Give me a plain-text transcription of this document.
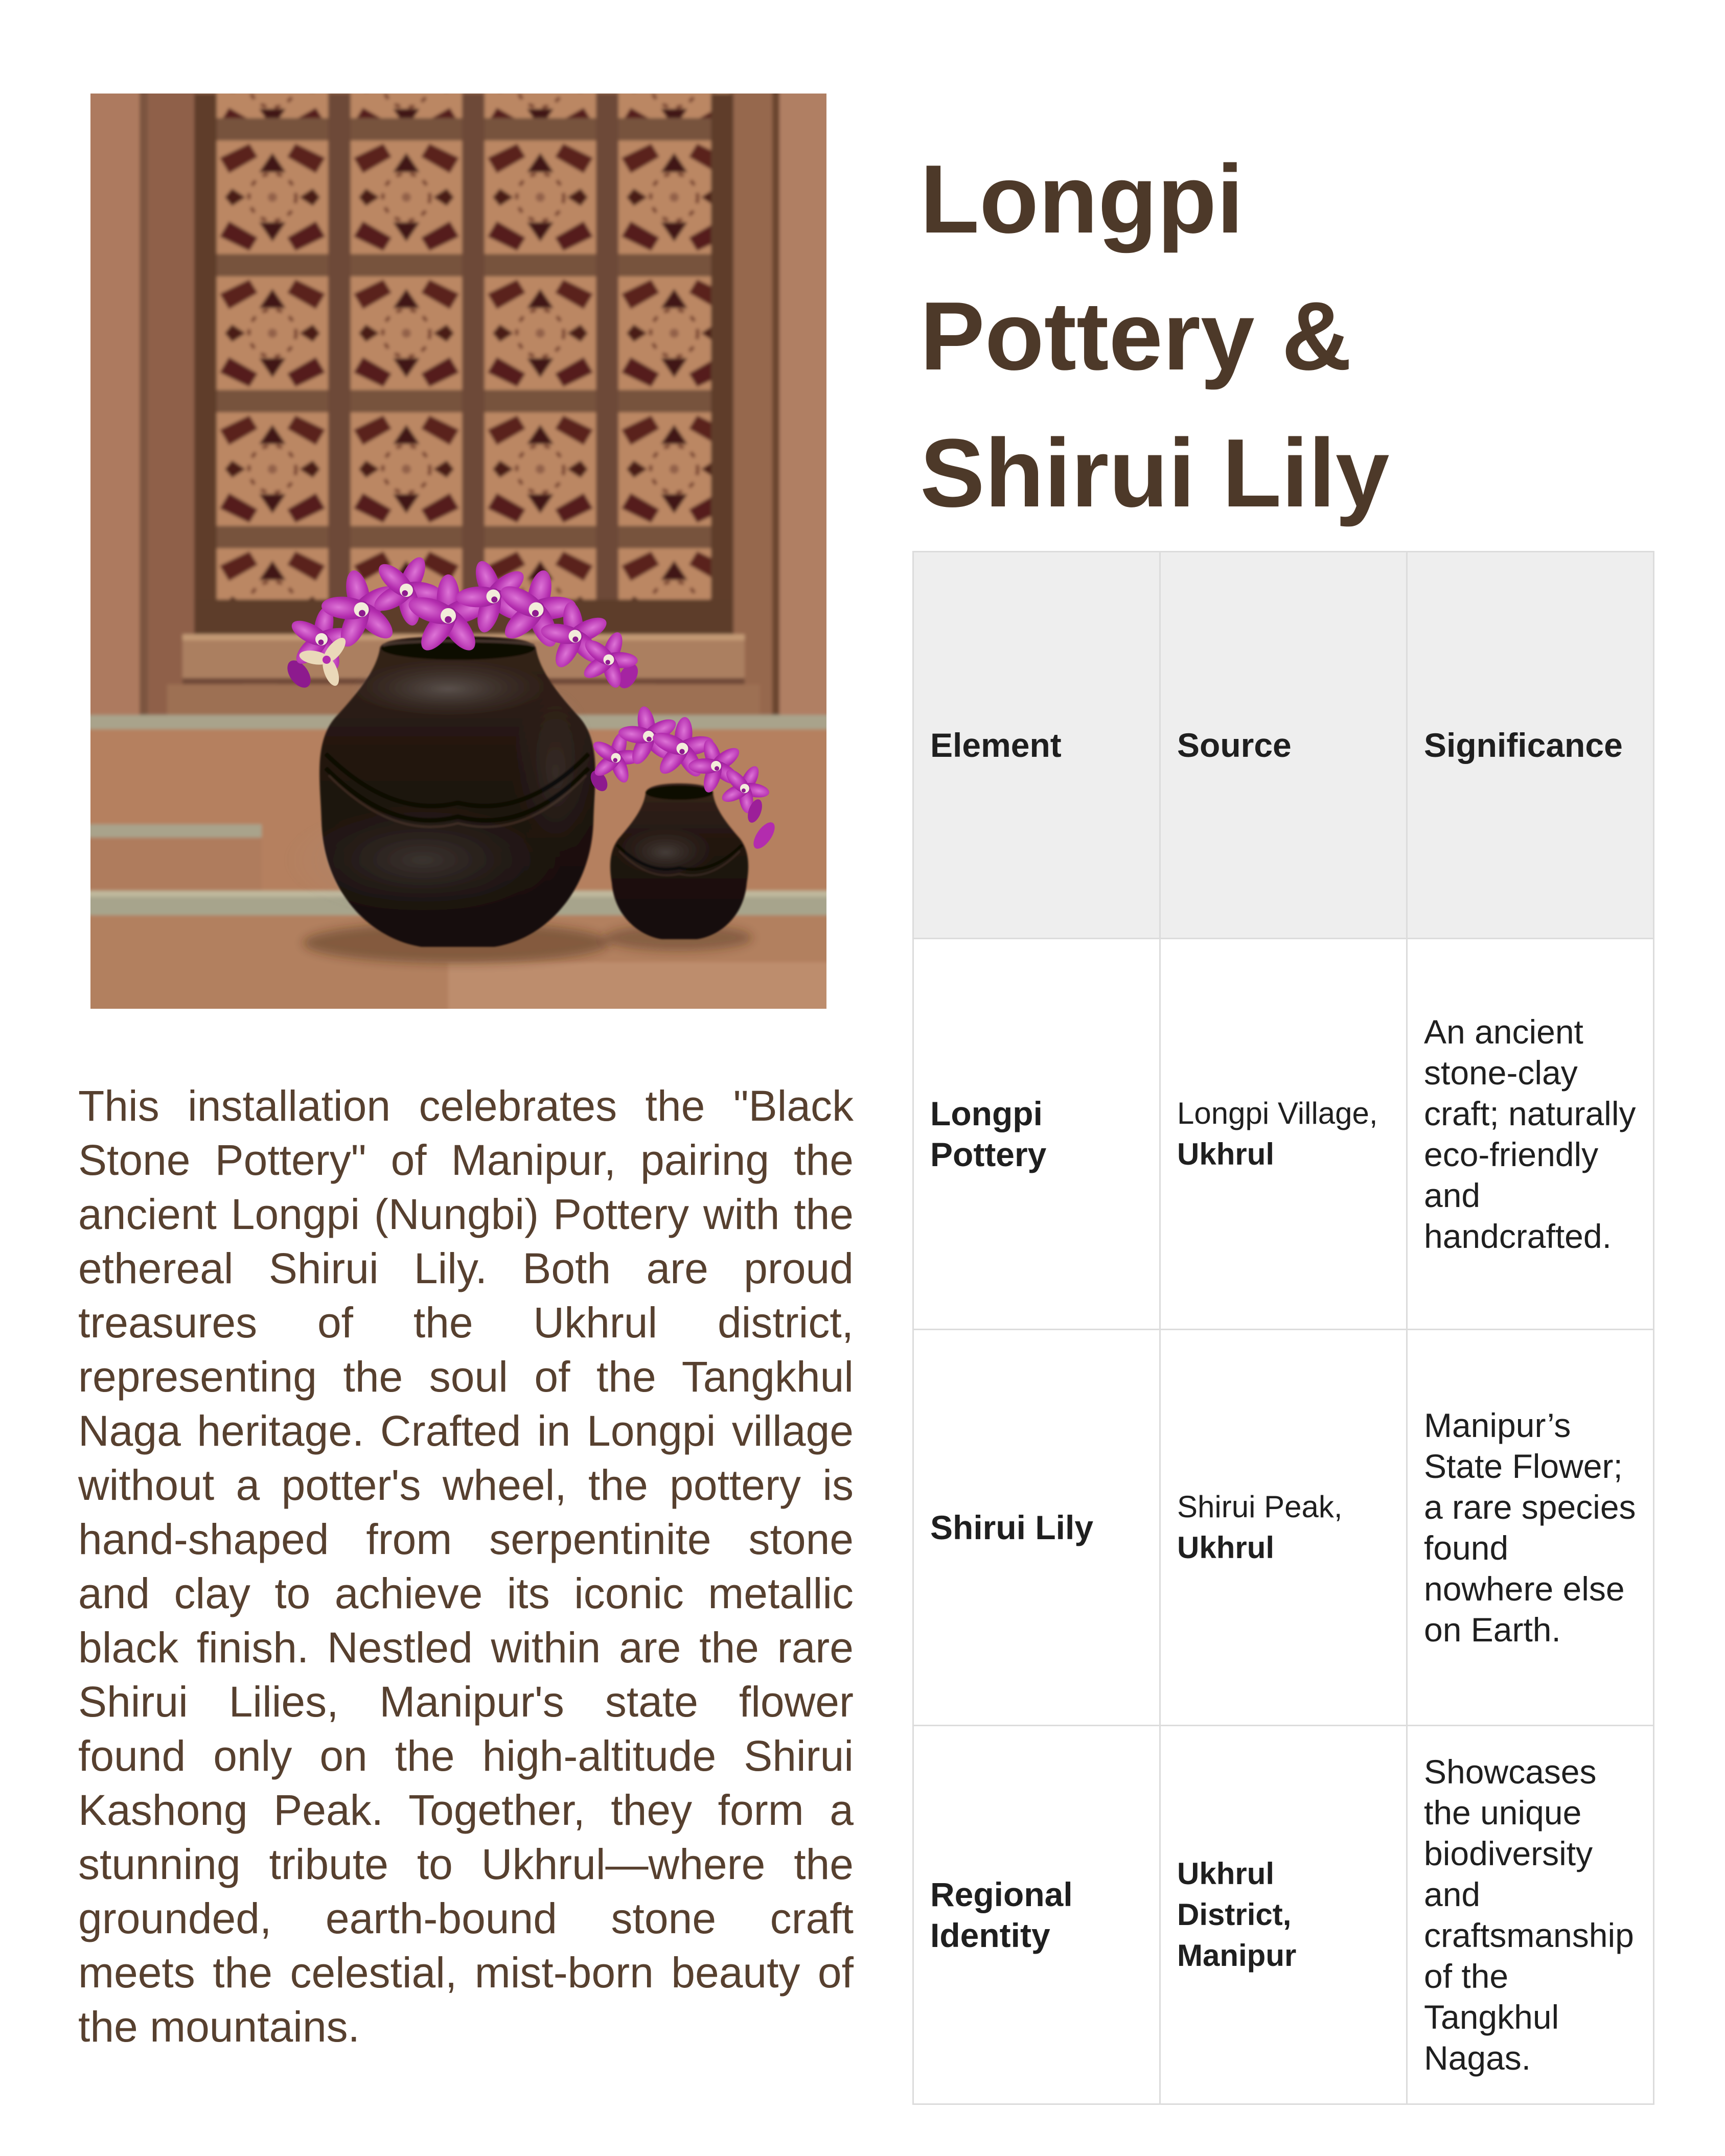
Longpi Pottery & Shirui Lily

This installation celebrates the "Black Stone Pottery" of Manipur, pairing the ancient Longpi (Nungbi) Pottery with the ethereal Shirui Lily. Both are proud treasures of the Ukhrul district, representing the soul of the Tangkhul Naga heritage. Crafted in Longpi village without a potter's wheel, the pottery is hand-shaped from serpentinite stone and clay to achieve its iconic metallic black finish. Nestled within are the rare Shirui Lilies, Manipur's state flower found only on the high-altitude Shirui Kashong Peak. Together, they form a stunning tribute to Ukhrul—where the grounded, earth-bound stone craft meets the celestial, mist-born beauty of the mountains.

Element	Source	Significance
Longpi Pottery	Longpi Village, Ukhrul	An ancient stone-clay craft; naturally eco-friendly and handcrafted.
Shirui Lily	Shirui Peak, Ukhrul	Manipur’s State Flower; a rare species found nowhere else on Earth.
Regional Identity	Ukhrul District, Manipur	Showcases the unique biodiversity and craftsmanship of the Tangkhul Nagas.
